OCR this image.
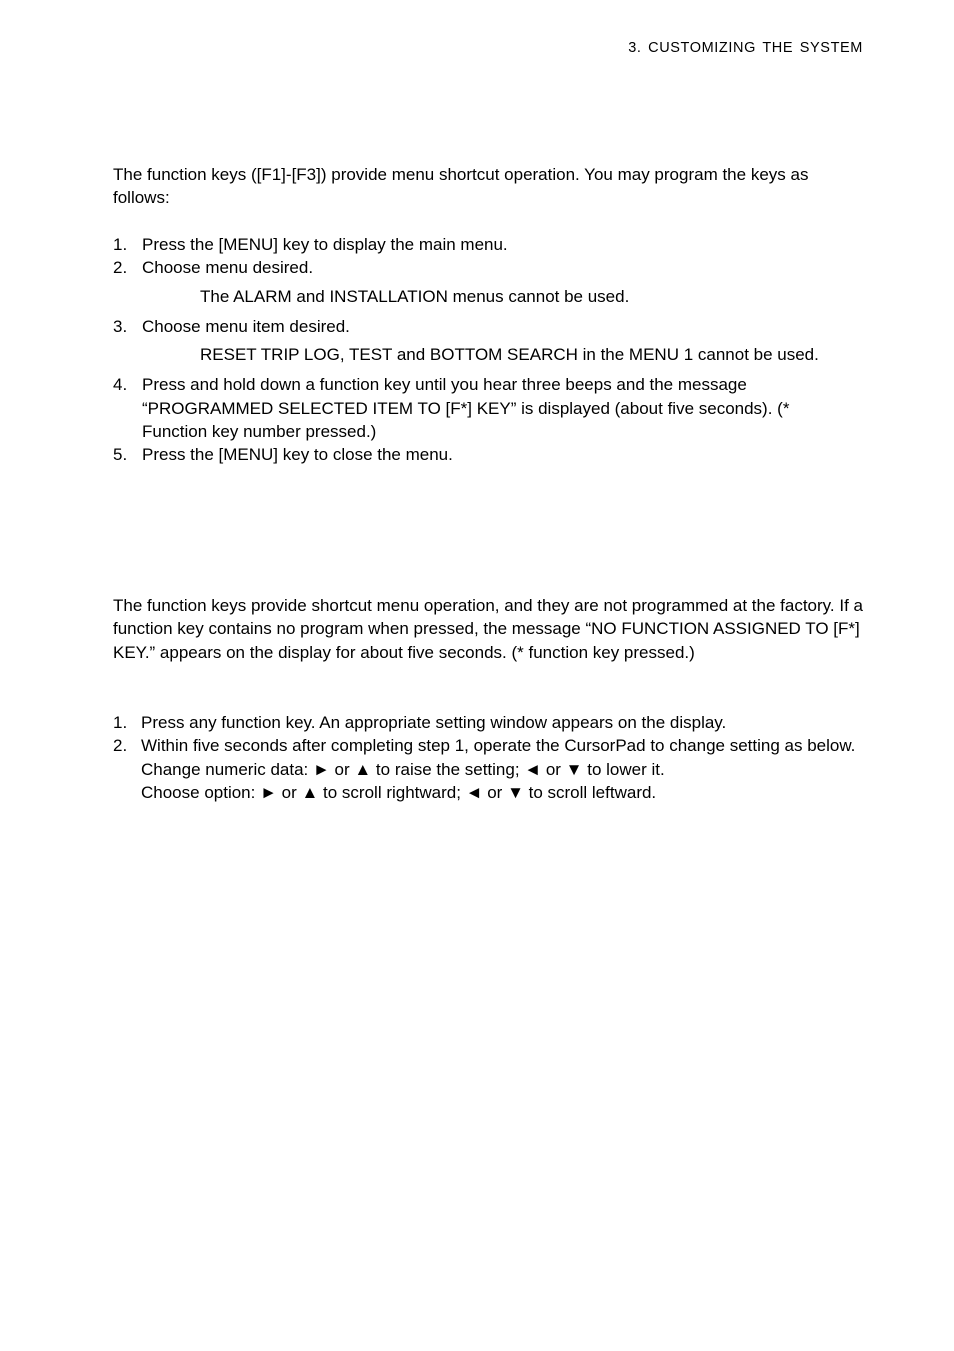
3. CUSTOMIZING THE SYSTEM

The function keys ([F1]-[F3]) provide menu shortcut operation. You may program the keys as follows:

1. Press the [MENU] key to display the main menu.
2. Choose menu desired.
The ALARM and INSTALLATION menus cannot be used.
3. Choose menu item desired.
RESET TRIP LOG, TEST and BOTTOM SEARCH in the MENU 1 cannot be used.
4. Press and hold down a function key until you hear three beeps and the message “PROGRAMMED SELECTED ITEM TO [F*] KEY” is displayed (about five seconds). (* Function key number pressed.)
5. Press the [MENU] key to close the menu.

The function keys provide shortcut menu operation, and they are not programmed at the factory. If a function key contains no program when pressed, the message “NO FUNCTION ASSIGNED TO [F*] KEY.” appears on the display for about five seconds. (* function key pressed.)

1. Press any function key. An appropriate setting window appears on the display.
2. Within five seconds after completing step 1, operate the CursorPad to change setting as below.
Change numeric data: ► or ▲ to raise the setting; ◄ or ▼ to lower it.
Choose option: ► or ▲ to scroll rightward; ◄ or ▼ to scroll leftward.
